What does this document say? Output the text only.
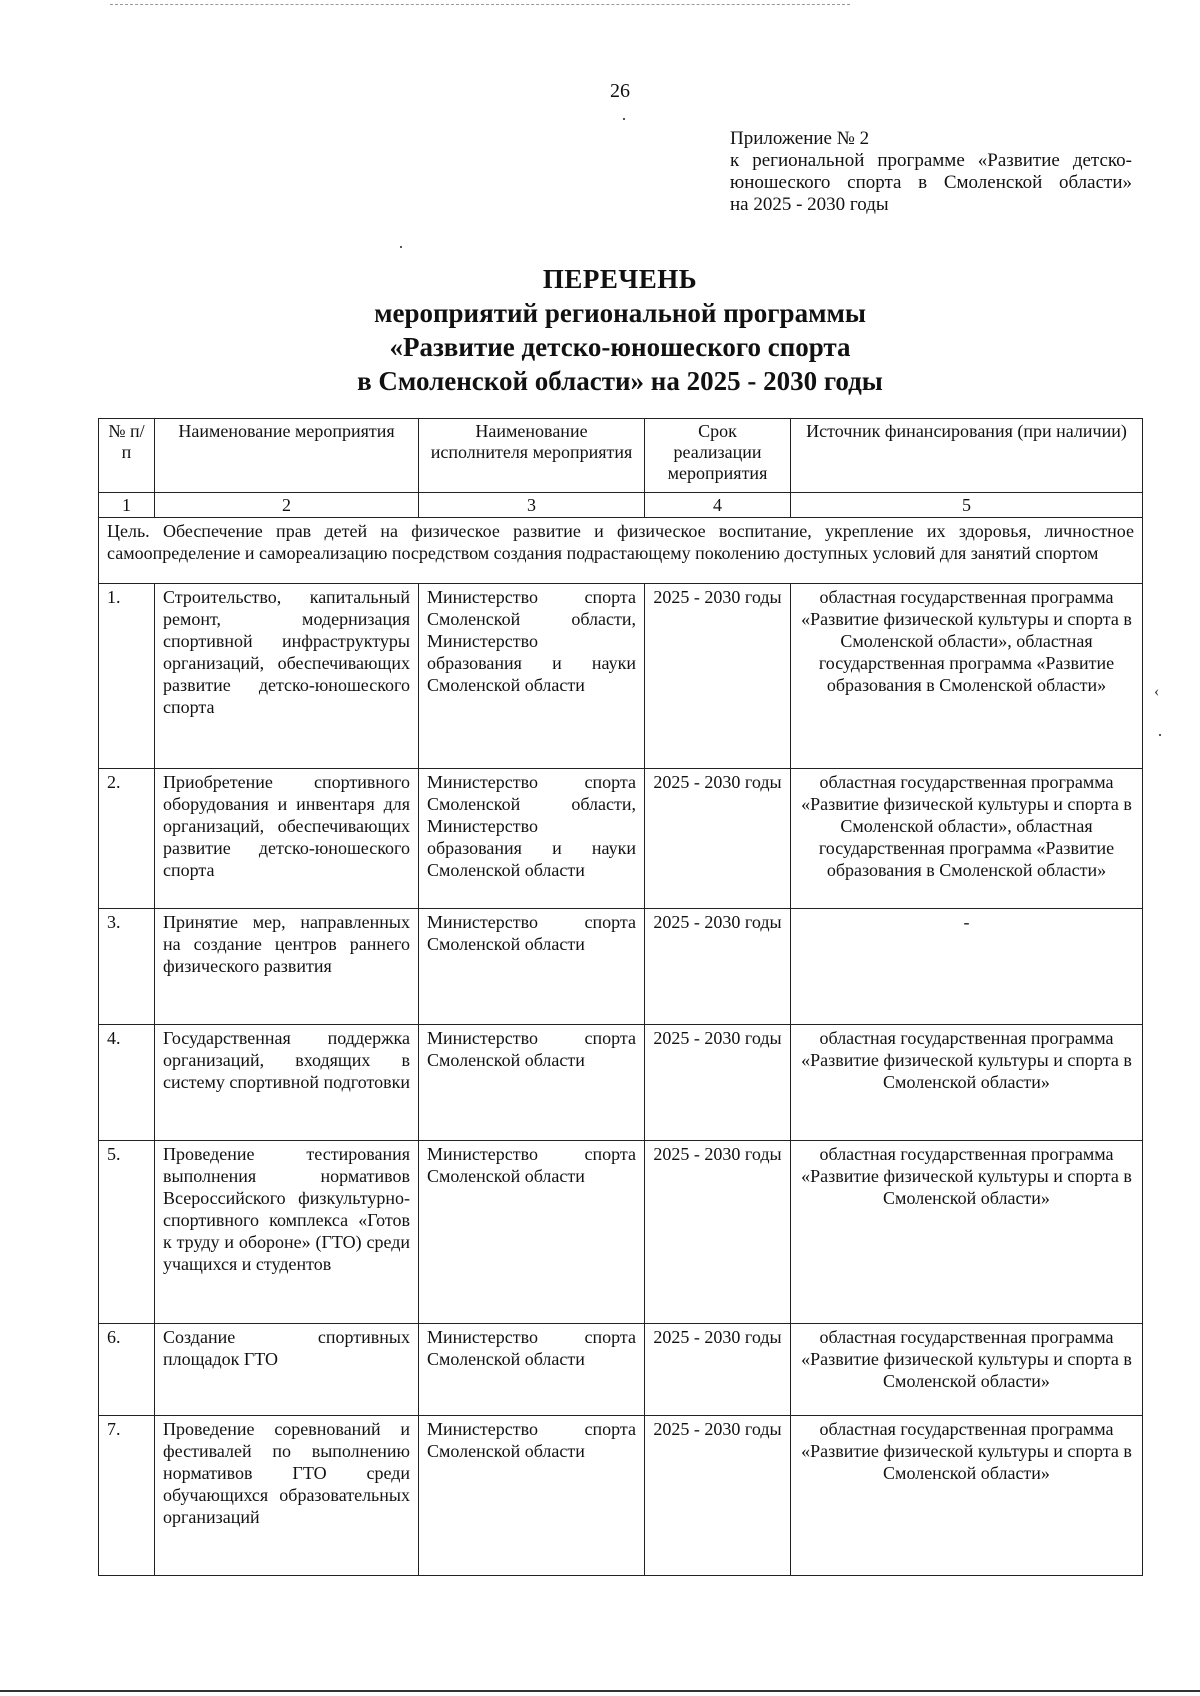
‹
26
Приложение № 2
к региональной программе «Развитие детско-
юношеского спорта в Смоленской области»
на 2025 - 2030 годы
ПЕРЕЧЕНЬ
мероприятий региональной программы
«Развитие детско-юношеского спорта
в Смоленской области» на 2025 - 2030 годы
№ п/п	Наименование мероприятия	Наименование исполнителя мероприятия	Срок реализации мероприятия	Источник финансирования (при наличии)
1	2	3	4	5
Цель. Обеспечение прав детей на физическое развитие и физическое воспитание, укрепление их здоровья, личностное самоопределение и самореализацию посредством создания подрастающему поколению доступных условий для занятий спортом				
1.	Строительство, капитальный ремонт, модернизация спортивной инфраструктуры организаций, обеспечивающих развитие детско-юношеского спорта	Министерство спорта Смоленской области, Министерство образования и науки Смоленской области	2025 - 2030 годы	областная государственная программа «Развитие физической культуры и спорта в Смоленской области», областная государственная программа «Развитие образования в Смоленской области»
2.	Приобретение спортивного оборудования и инвентаря для организаций, обеспечивающих развитие детско-юношеского спорта	Министерство спорта Смоленской области, Министерство образования и науки Смоленской области	2025 - 2030 годы	областная государственная программа «Развитие физической культуры и спорта в Смоленской области», областная государственная программа «Развитие образования в Смоленской области»
3.	Принятие мер, направленных на создание центров раннего физического развития	Министерство спорта Смоленской области	2025 - 2030 годы	-
4.	Государственная поддержка организаций, входящих в систему спортивной подготовки	Министерство спорта Смоленской области	2025 - 2030 годы	областная государственная программа «Развитие физической культуры и спорта в Смоленской области»
5.	Проведение тестирования выполнения нормативов Всероссийского физкультурно-спортивного комплекса «Готов к труду и обороне» (ГТО) среди учащихся и студентов	Министерство спорта Смоленской области	2025 - 2030 годы	областная государственная программа «Развитие физической культуры и спорта в Смоленской области»
6.	Создание спортивных площадок ГТО	Министерство спорта Смоленской области	2025 - 2030 годы	областная государственная программа «Развитие физической культуры и спорта в Смоленской области»
7.	Проведение соревнований и фестивалей по выполнению нормативов ГТО среди обучающихся образовательных организаций	Министерство спорта Смоленской области	2025 - 2030 годы	областная государственная программа «Развитие физической культуры и спорта в Смоленской области»
